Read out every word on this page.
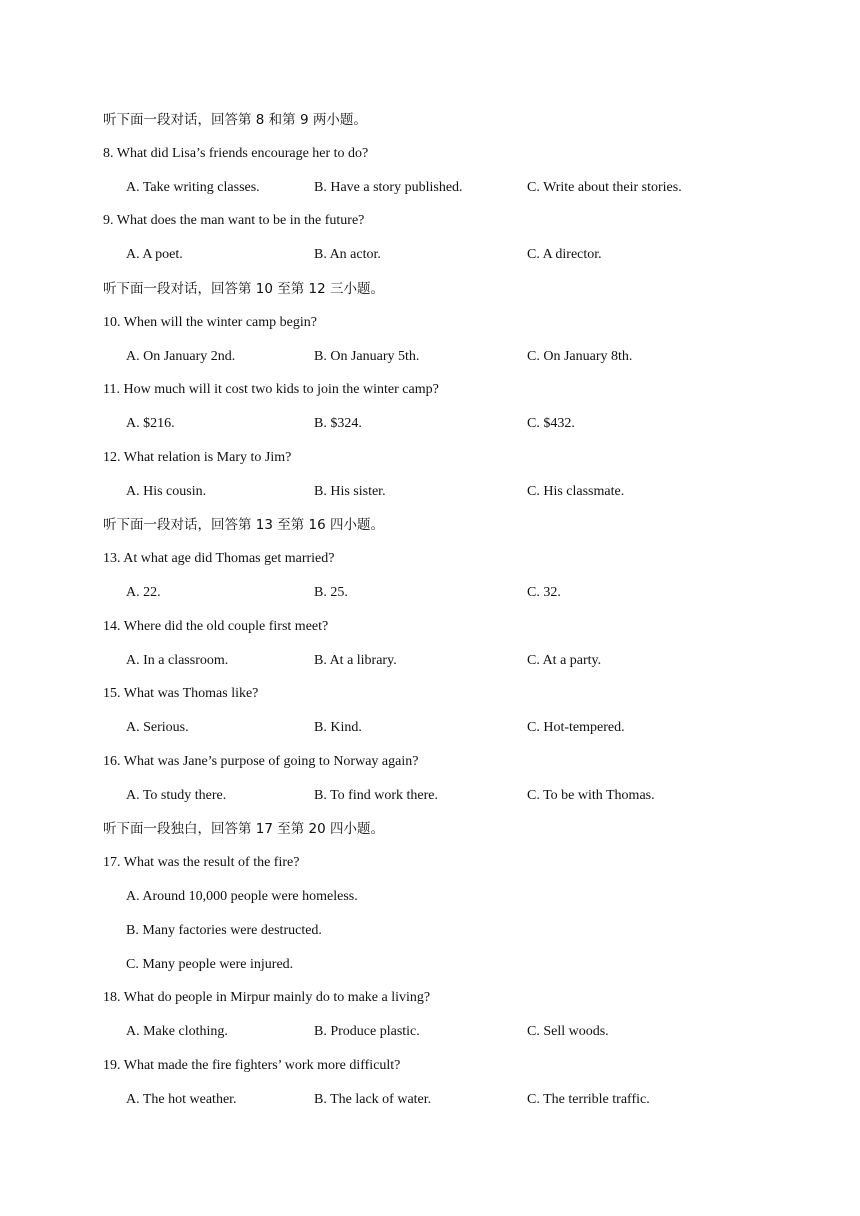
听下面一段对话，回答第 8 和第 9 两小题。
8. What did Lisa’s friends encourage her to do?
A. Take writing classes.	B. Have a story published.	C. Write about their stories.
9. What does the man want to be in the future?
A. A poet.	B. An actor.	C. A director.
听下面一段对话，回答第 10 至第 12 三小题。
10. When will the winter camp begin?
A. On January 2nd.	B. On January 5th.	C. On January 8th.
11. How much will it cost two kids to join the winter camp?
A. $216.	B. $324.	C. $432.
12. What relation is Mary to Jim?
A. His cousin.	B. His sister.	C. His classmate.
听下面一段对话，回答第 13 至第 16 四小题。
13. At what age did Thomas get married?
A. 22.	B. 25.	C. 32.
14. Where did the old couple first meet?
A. In a classroom.	B. At a library.	C. At a party.
15. What was Thomas like?
A. Serious.	B. Kind.	C. Hot-tempered.
16. What was Jane’s purpose of going to Norway again?
A. To study there.	B. To find work there.	C. To be with Thomas.
听下面一段独白，回答第 17 至第 20 四小题。
17. What was the result of the fire?
A. Around 10,000 people were homeless.
B. Many factories were destructed.
C. Many people were injured.
18. What do people in Mirpur mainly do to make a living?
A. Make clothing.	B. Produce plastic.	C. Sell woods.
19. What made the fire fighters’ work more difficult?
A. The hot weather.	B. The lack of water.	C. The terrible traffic.
